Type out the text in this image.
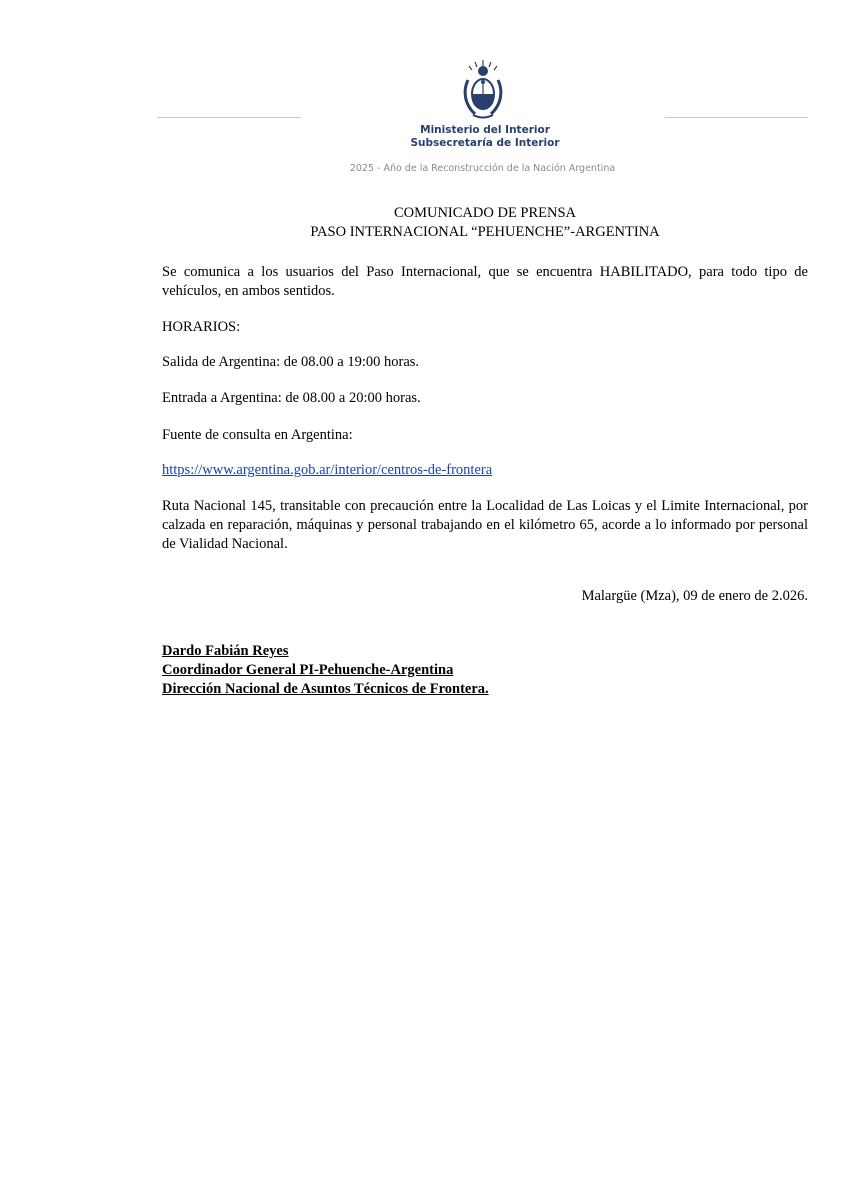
Ministerio del Interior
Subsecretaría de Interior
2025 - Año de la Reconstrucción de la Nación Argentina
COMUNICADO DE PRENSA
PASO INTERNACIONAL “PEHUENCHE”-ARGENTINA

Se comunica a los usuarios del Paso Internacional, que se encuentra HABILITADO, para todo tipo de vehículos, en ambos sentidos.

HORARIOS:

Salida de Argentina: de 08.00 a 19:00 horas.

Entrada a Argentina: de 08.00 a 20:00 horas.

Fuente de consulta en Argentina:

https://www.argentina.gob.ar/interior/centros-de-frontera

Ruta Nacional 145, transitable con precaución entre la Localidad de Las Loicas y el Limite Internacional, por calzada en reparación, máquinas y personal trabajando en el kilómetro 65, acorde a lo informado por personal de Vialidad Nacional.

Malargüe (Mza), 09 de enero de 2.026.

Dardo Fabián Reyes
Coordinador General PI-Pehuenche-Argentina
Dirección Nacional de Asuntos Técnicos de Frontera.
